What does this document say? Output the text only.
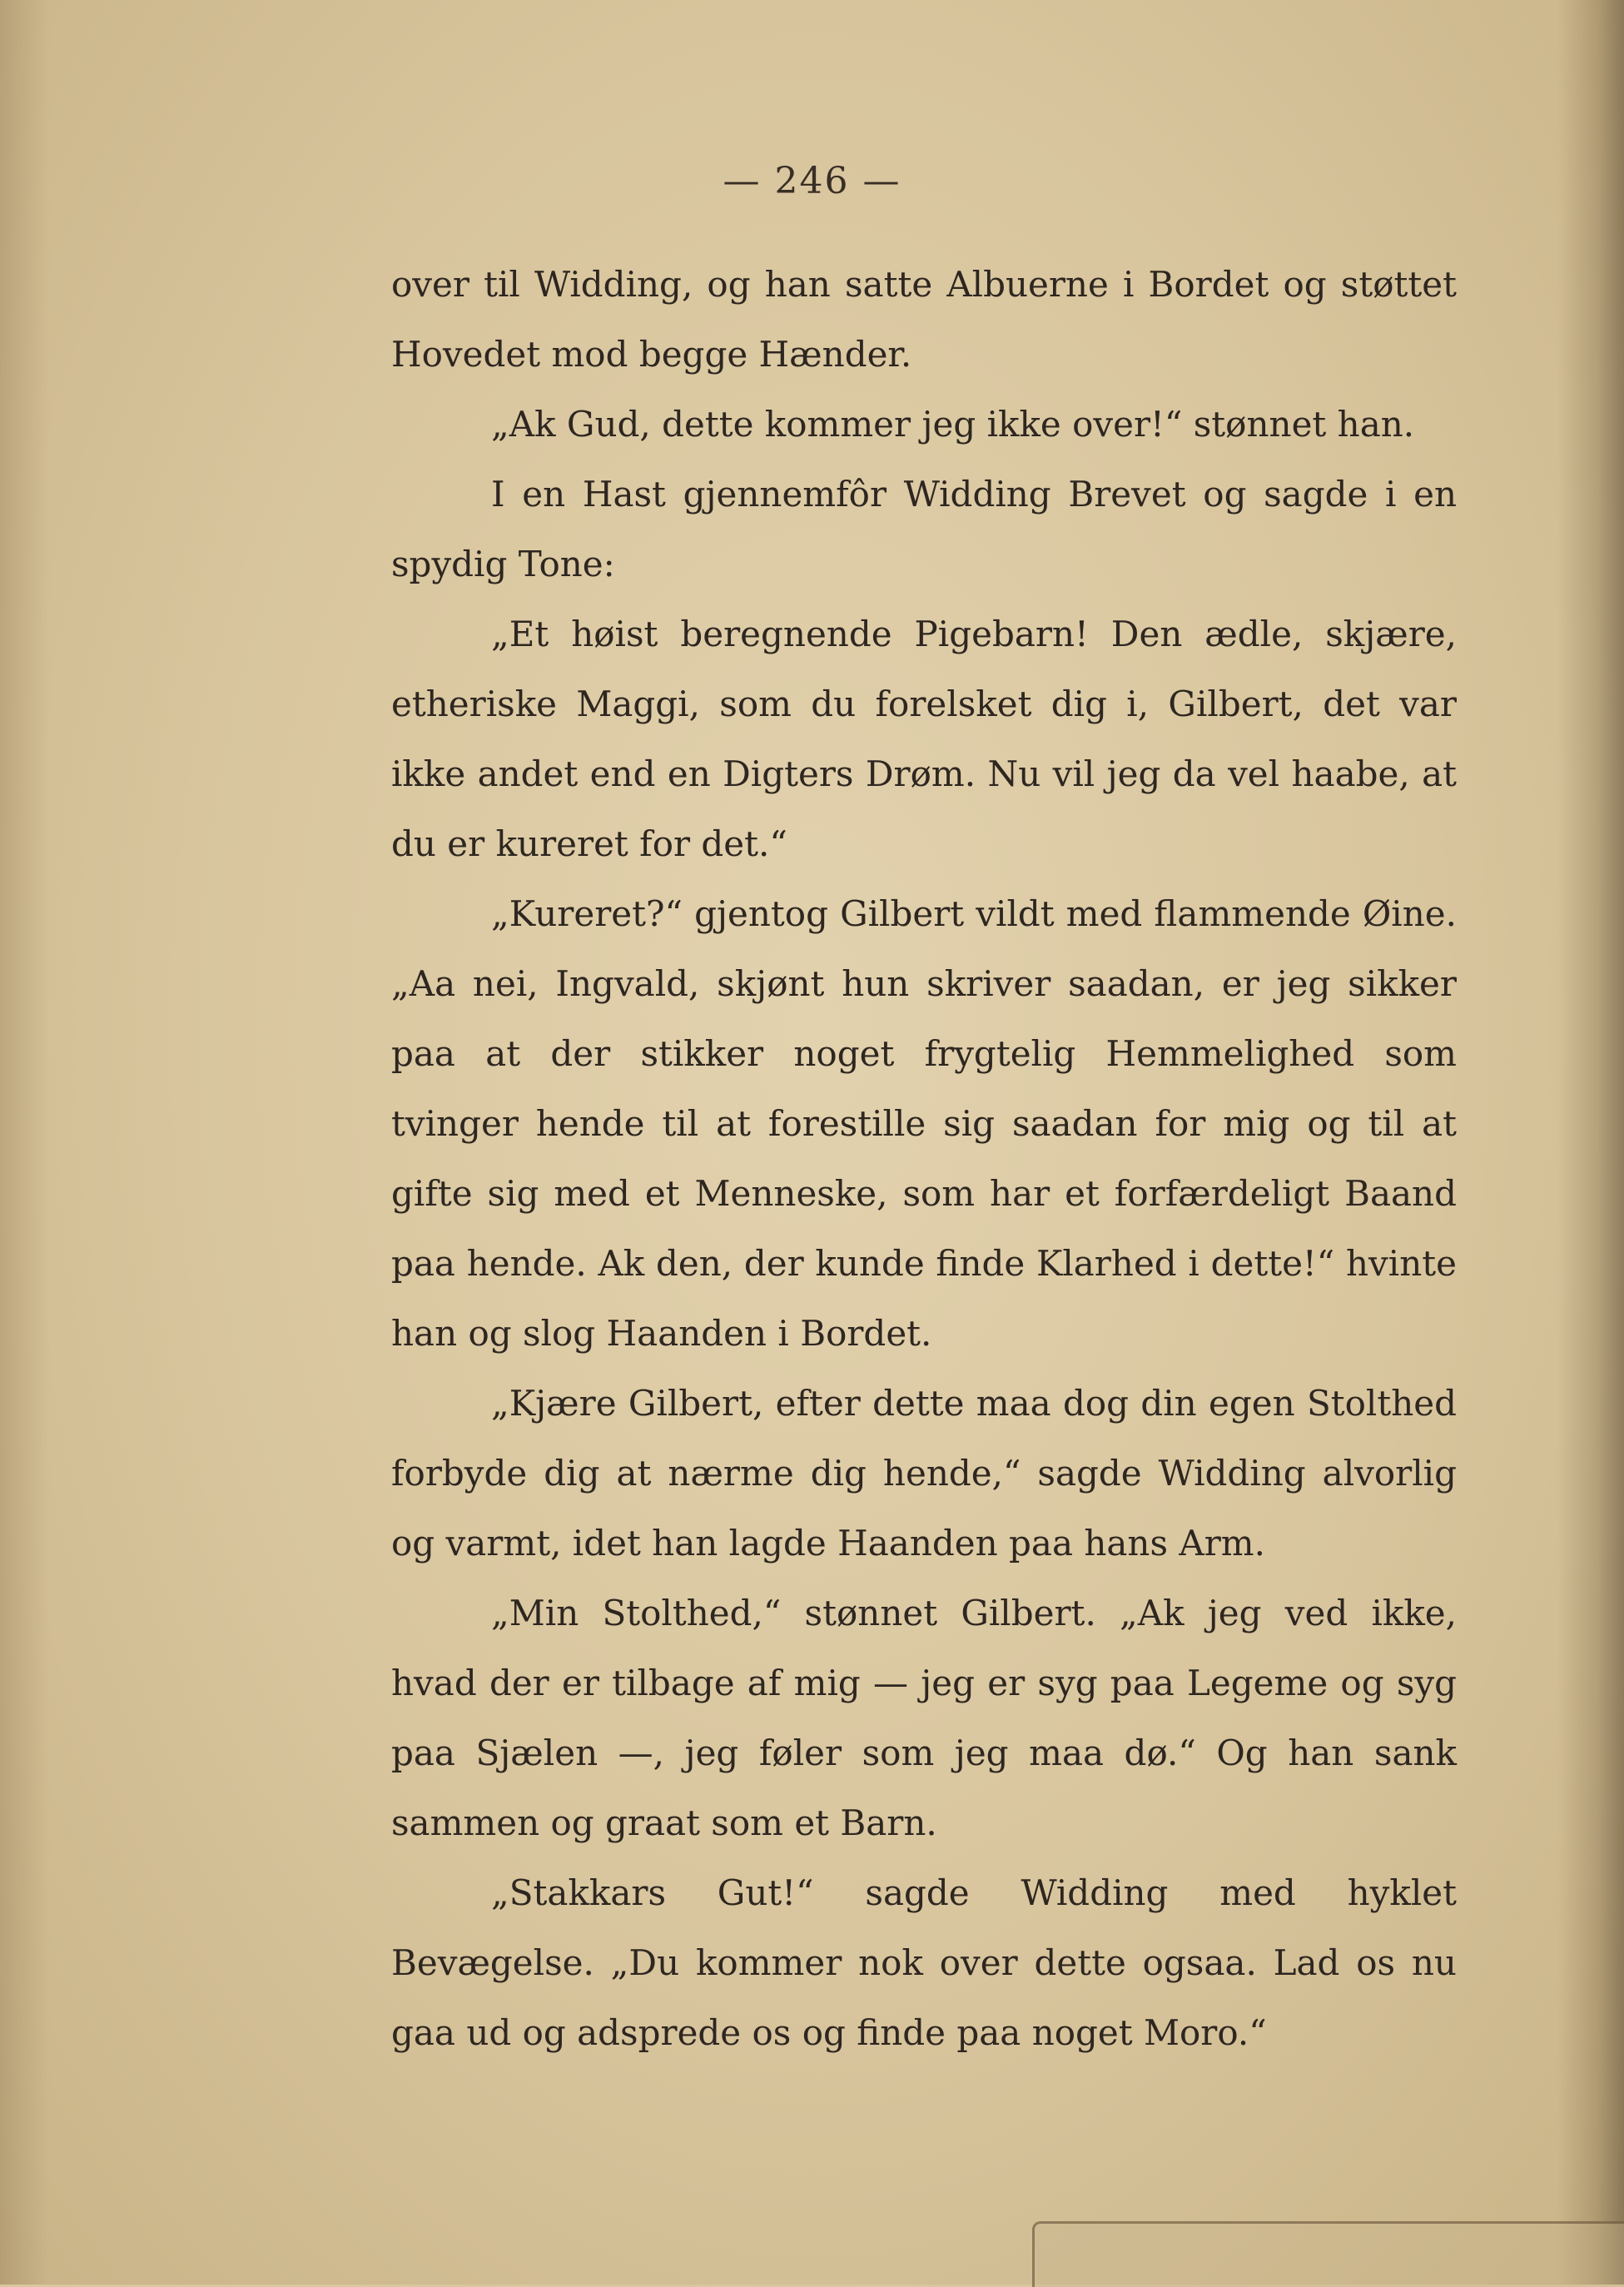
— 246 —

over til Widding, og han satte Albuerne i Bordet og støttet Hovedet mod begge Hænder.

„Ak Gud, dette kommer jeg ikke over!“ stønnet han.

I en Hast gjennemfôr Widding Brevet og sagde i en spydig Tone:

„Et høist beregnende Pigebarn! Den ædle, skjære, etheriske Maggi, som du forelsket dig i, Gilbert, det var ikke andet end en Digters Drøm. Nu vil jeg da vel haabe, at du er kureret for det.“

„Kureret?“ gjentog Gilbert vildt med flammende Øine. „Aa nei, Ingvald, skjønt hun skriver saadan, er jeg sikker paa at der stikker noget frygtelig Hemmelighed som tvinger hende til at forestille sig saadan for mig og til at gifte sig med et Menneske, som har et forfærdeligt Baand paa hende. Ak den, der kunde finde Klarhed i dette!“ hvinte han og slog Haanden i Bordet.

„Kjære Gilbert, efter dette maa dog din egen Stolthed forbyde dig at nærme dig hende,“ sagde Widding alvorlig og varmt, idet han lagde Haanden paa hans Arm.

„Min Stolthed,“ stønnet Gilbert. „Ak jeg ved ikke, hvad der er tilbage af mig — jeg er syg paa Legeme og syg paa Sjælen —, jeg føler som jeg maa dø.“ Og han sank sammen og graat som et Barn.

„Stakkars Gut!“ sagde Widding med hyklet Bevægelse. „Du kommer nok over dette ogsaa. Lad os nu gaa ud og adsprede os og finde paa noget Moro.“
